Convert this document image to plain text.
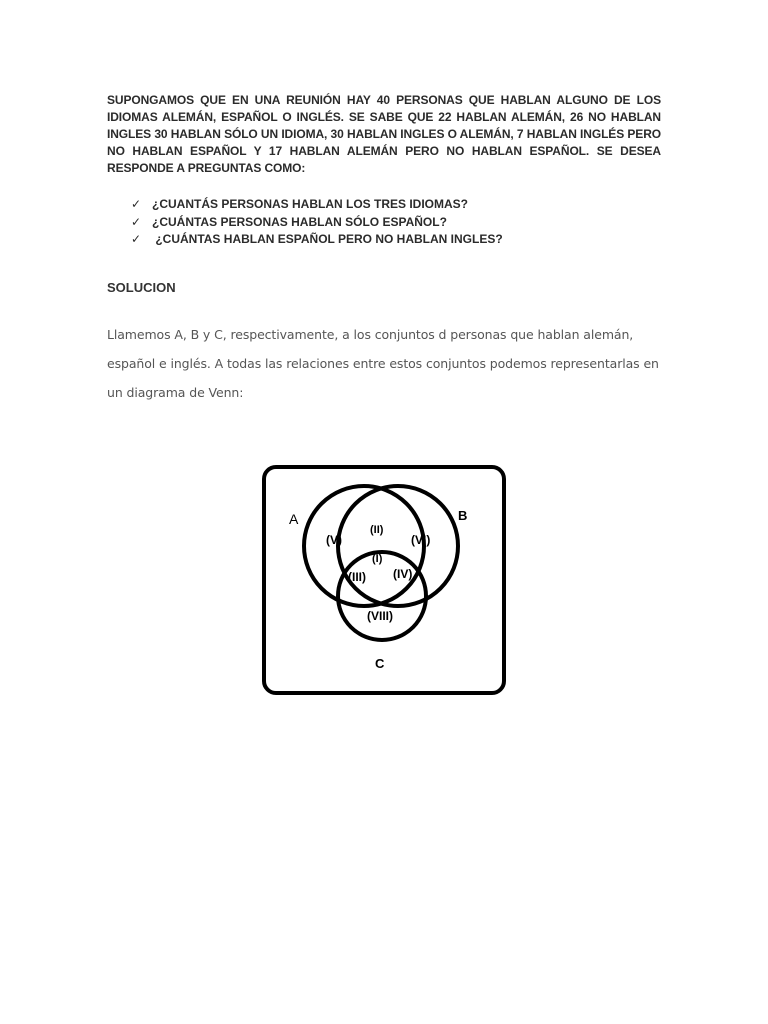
SUPONGAMOS QUE EN UNA REUNIÓN HAY 40 PERSONAS QUE HABLAN ALGUNO DE LOS IDIOMAS ALEMÁN, ESPAÑOL O INGLÉS. SE SABE QUE 22 HABLAN ALEMÁN, 26 NO HABLAN INGLES 30 HABLAN SÓLO UN IDIOMA, 30 HABLAN INGLES O ALEMÁN, 7 HABLAN INGLÉS PERO NO HABLAN ESPAÑOL Y 17 HABLAN ALEMÁN PERO NO HABLAN ESPAÑOL. SE DESEA RESPONDE A PREGUNTAS COMO:

✓ ¿CUANTÁS PERSONAS HABLAN LOS TRES IDIOMAS?
✓ ¿CUÁNTAS PERSONAS HABLAN SÓLO ESPAÑOL?
✓ ¿CUÁNTAS HABLAN ESPAÑOL PERO NO HABLAN INGLES?
SOLUCION

Llamemos A, B y C, respectivamente, a los conjuntos d personas que hablan alemán, español e inglés. A todas las relaciones entre estos conjuntos podemos representarlas en un diagrama de Venn:

A	B
C
(V)
(II)
(VI)
(I)
(III) (IV)
(VIII)
